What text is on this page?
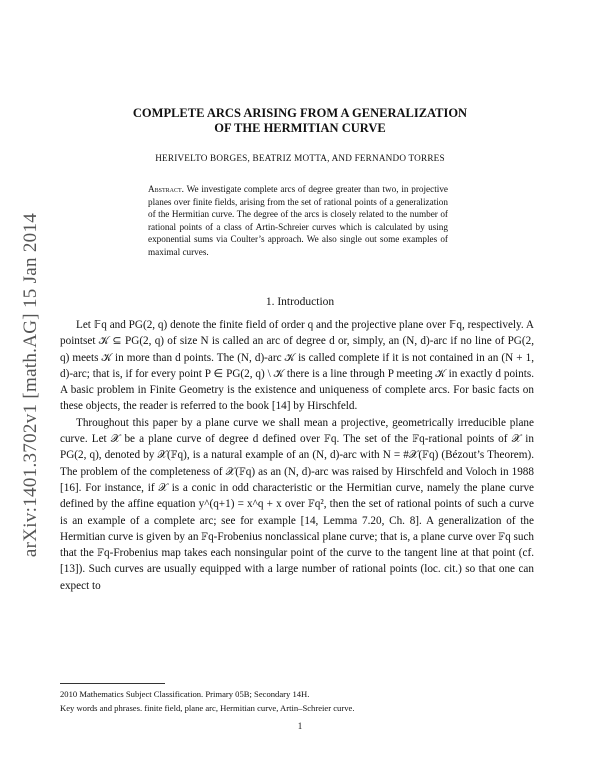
arXiv:1401.3702v1 [math.AG] 15 Jan 2014
COMPLETE ARCS ARISING FROM A GENERALIZATION
OF THE HERMITIAN CURVE
HERIVELTO BORGES, BEATRIZ MOTTA, AND FERNANDO TORRES
Abstract. We investigate complete arcs of degree greater than two, in projective planes over finite fields, arising from the set of rational points of a generalization of the Hermitian curve. The degree of the arcs is closely related to the number of rational points of a class of Artin-Schreier curves which is calculated by using exponential sums via Coulter’s approach. We also single out some examples of maximal curves.
1. Introduction

Let 𝔽q and PG(2, q) denote the finite field of order q and the projective plane over 𝔽q, respectively. A pointset 𝒦 ⊆ PG(2, q) of size N is called an arc of degree d or, simply, an (N, d)-arc if no line of PG(2, q) meets 𝒦 in more than d points. The (N, d)-arc 𝒦 is called complete if it is not contained in an (N + 1, d)-arc; that is, if for every point P ∈ PG(2, q) \ 𝒦 there is a line through P meeting 𝒦 in exactly d points. A basic problem in Finite Geometry is the existence and uniqueness of complete arcs. For basic facts on these objects, the reader is referred to the book [14] by Hirschfeld.

Throughout this paper by a plane curve we shall mean a projective, geometrically irreducible plane curve. Let 𝒳 be a plane curve of degree d defined over 𝔽q. The set of the 𝔽q-rational points of 𝒳 in PG(2, q), denoted by 𝒳(𝔽q), is a natural example of an (N, d)-arc with N = #𝒳(𝔽q) (Bézout’s Theorem). The problem of the completeness of 𝒳(𝔽q) as an (N, d)-arc was raised by Hirschfeld and Voloch in 1988 [16]. For instance, if 𝒳 is a conic in odd characteristic or the Hermitian curve, namely the plane curve defined by the affine equation y^(q+1) = x^q + x over 𝔽q², then the set of rational points of such a curve is an example of a complete arc; see for example [14, Lemma 7.20, Ch. 8]. A generalization of the Hermitian curve is given by an 𝔽q-Frobenius nonclassical plane curve; that is, a plane curve over 𝔽q such that the 𝔽q-Frobenius map takes each nonsingular point of the curve to the tangent line at that point (cf. [13]). Such curves are usually equipped with a large number of rational points (loc. cit.) so that one can expect to

2010 Mathematics Subject Classification. Primary 05B; Secondary 14H.
Key words and phrases. finite field, plane arc, Hermitian curve, Artin–Schreier curve.
1
